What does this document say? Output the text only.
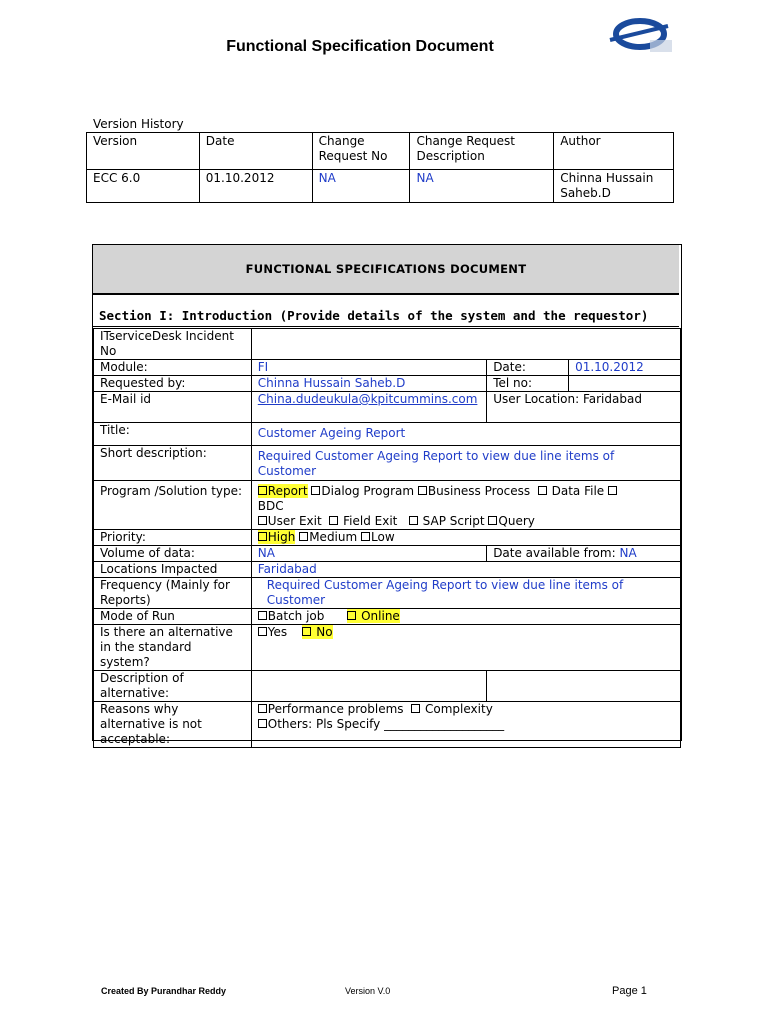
Functional Specification Document
Version History
Version	Date	Change Request No	Change Request Description	Author
ECC 6.0	01.10.2012	NA	NA	Chinna Hussain Saheb.D
FUNCTIONAL SPECIFICATIONS DOCUMENT
Section I: Introduction (Provide details of the system and the requestor)
ITserviceDesk Incident No			
Module:	FI	Date:	01.10.2012
Requested by:	Chinna Hussain Saheb.D	Tel no:	
E-Mail id	China.dudeukula@kpitcummins.com	User Location: Faridabad	
Title:	Customer Ageing Report		
Short description:	Required Customer Ageing Report to view due line items of Customer		
Program /Solution type:	Report Dialog Program Business Process Data File
BDC
User Exit Field Exit SAP Script Query		
Priority:	High Medium Low		
Volume of data:	NA	Date available from: NA	
Locations Impacted	Faridabad		
Frequency (Mainly for Reports)	Required Customer Ageing Report to view due line items of Customer		
Mode of Run	Batch job Online		
Is there an alternative in the standard system?	Yes No		
Description of alternative:			
Reasons why alternative is not acceptable:	Performance problems Complexity
Others: Pls Specify ____________________		
Created By Purandhar Reddy	Version V.0	Page 1
